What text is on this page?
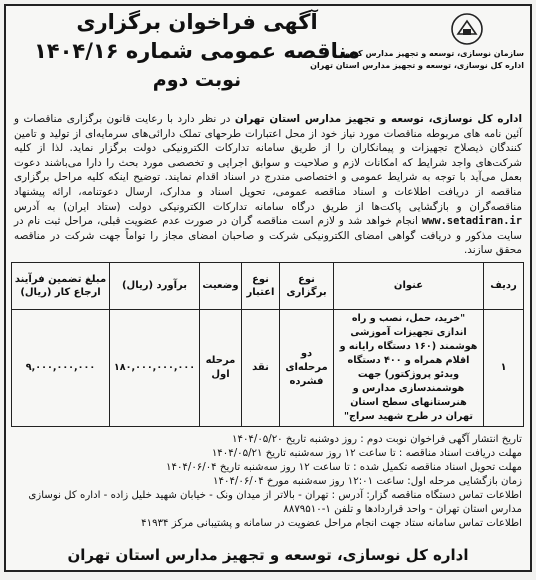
آگهی فراخوان برگزاری
مناقصه عمومی شماره ۱۴۰۴/۱۶
نوبت دوم
سازمان نوسازی، توسعه و تجهیز مدارس کشور
اداره کل نوسازی، توسعه و تجهیز مدارس استان تهران
اداره کل نوسازی، توسعه و تجهیز مدارس استان تهران در نظر دارد با رعایت قانون برگزاری مناقصات و آئین نامه های مربوطه مناقصات مورد نیاز خود از محل اعتبارات طرحهای تملک دارائی‌های سرمایه‌ای از تولید و تامین کنندگان ذیصلاح تجهیزات و پیمانکاران را از طریق سامانه تدارکات الکترونیکی دولت برگزار نماید. لذا از کلیه شرکت‌های واجد شرایط که امکانات لازم و صلاحیت و سوابق اجرایی و تخصصی مورد بحث را دارا می‌باشند دعوت بعمل می‌آید با توجه به شرایط عمومی و اختصاصی مندرج در اسناد اقدام نمایند. توضیح اینکه کلیه مراحل برگزاری مناقصه از دریافت اطلاعات و اسناد مناقصه عمومی، تحویل اسناد و مدارک، ارسال دعوتنامه، ارائه پیشنهاد مناقصه‌گران و بازگشایی پاکت‌ها از طریق درگاه سامانه تدارکات الکترونیکی دولت (ستاد ایران) به آدرس www.setadiran.ir انجام خواهد شد و لازم است مناقصه گران در صورت عدم عضویت قبلی، مراحل ثبت نام در سایت مذکور و دریافت گواهی امضای الکترونیکی شرکت و صاحبان امضای مجاز را تواماً جهت شرکت در مناقصه محقق سازند.
ردیف	عنوان	نوع برگزاری	نوع اعتبار	وضعیت	برآورد (ریال)	مبلغ تضمین فرآیند ارجاع کار (ریال)
۱	"خرید، حمل، نصب و راه اندازی تجهیزات آموزشی هوشمند (۱۶۰ دستگاه رایانه و اقلام همراه و ۴۰۰ دستگاه ویدئو پروژکتور) جهت هوشمندسازی مدارس و هنرستانهای سطح استان تهران در طرح شهید سراج"	دو مرحله‌ای فشرده	نقد	مرحله اول	۱۸۰,۰۰۰,۰۰۰,۰۰۰	۹,۰۰۰,۰۰۰,۰۰۰
تاریخ انتشار آگهی فراخوان نوبت دوم : روز دوشنبه تاریخ ۱۴۰۴/۰۵/۲۰
مهلت دریافت اسناد مناقصه : تا ساعت ۱۲ روز سه‌شنبه تاریخ ۱۴۰۴/۰۵/۲۱
مهلت تحویل اسناد مناقصه تکمیل شده : تا ساعت ۱۲ روز سه‌شنبه تاریخ ۱۴۰۴/۰۶/۰۴
زمان بازگشایی مرحله اول: ساعت ۱۲:۰۱ روز سه‌شنبه مورخ ۱۴۰۴/۰۶/۰۴
اطلاعات تماس دستگاه مناقصه گزار: آدرس : تهران - بالاتر از میدان ونک - خیابان شهید خلیل زاده - اداره کل نوسازی
مدارس استان تهران - واحد قراردادها و تلفن ۱-۸۸۷۹۵۱۰
اطلاعات تماس سامانه ستاد جهت انجام مراحل عضویت در سامانه و پشتیبانی مرکز ۴۱۹۳۴
اداره کل نوسازی، توسعه و تجهیز مدارس استان تهران
